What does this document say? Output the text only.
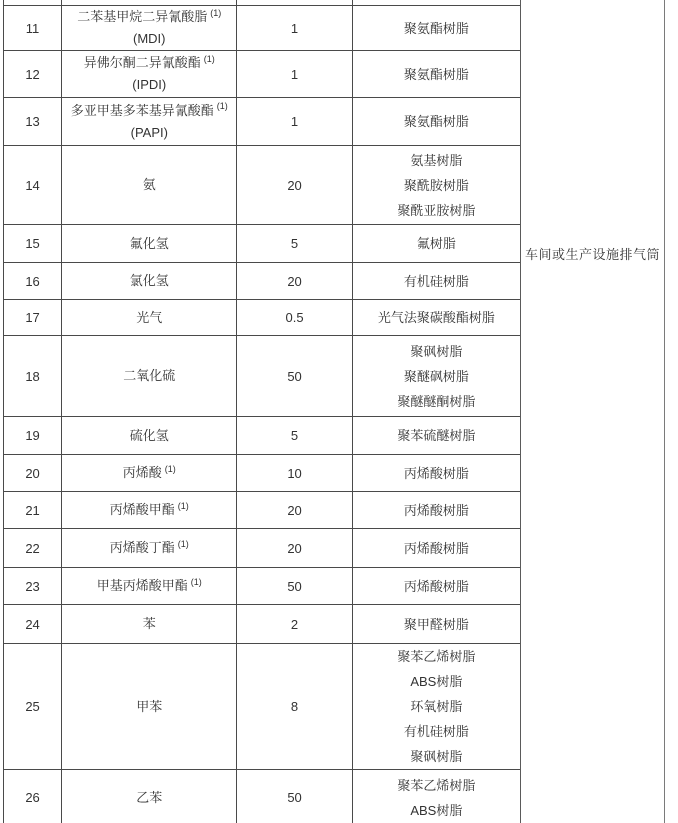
11	二苯基甲烷二异氰酸脂 $^{(1)}$
(MDI)	1	聚氨酯树脂

12	异佛尔酮二异氰酸酯 $^{(1)}$
(IPDI)	1	聚氨酯树脂

13	多亚甲基多苯基异氰酸酯 $^{(1)}$
(PAPI)	1	聚氨酯树脂

14	氨	20	氨基树脂
聚酰胺树脂
聚酰亚胺树脂

15	氟化氢	5	氟树脂

16	氯化氢	20	有机硅树脂

17	光气	0.5	光气法聚碳酸酯树脂

18	二氧化硫	50	聚砜树脂
聚醚砜树脂
聚醚醚酮树脂

19	硫化氢	5	聚苯硫醚树脂

20	丙烯酸 $^{(1)}$	10	丙烯酸树脂

21	丙烯酸甲酯 $^{(1)}$	20	丙烯酸树脂

22	丙烯酸丁酯 $^{(1)}$	20	丙烯酸树脂

23	甲基丙烯酸甲酯 $^{(1)}$	50	丙烯酸树脂

24	苯	2	聚甲醛树脂

25	甲苯	8	聚苯乙烯树脂
ABS树脂
环氧树脂
有机硅树脂
聚砜树脂

26	乙苯	50	聚苯乙烯树脂
ABS树脂
车间或生产设施排气筒
